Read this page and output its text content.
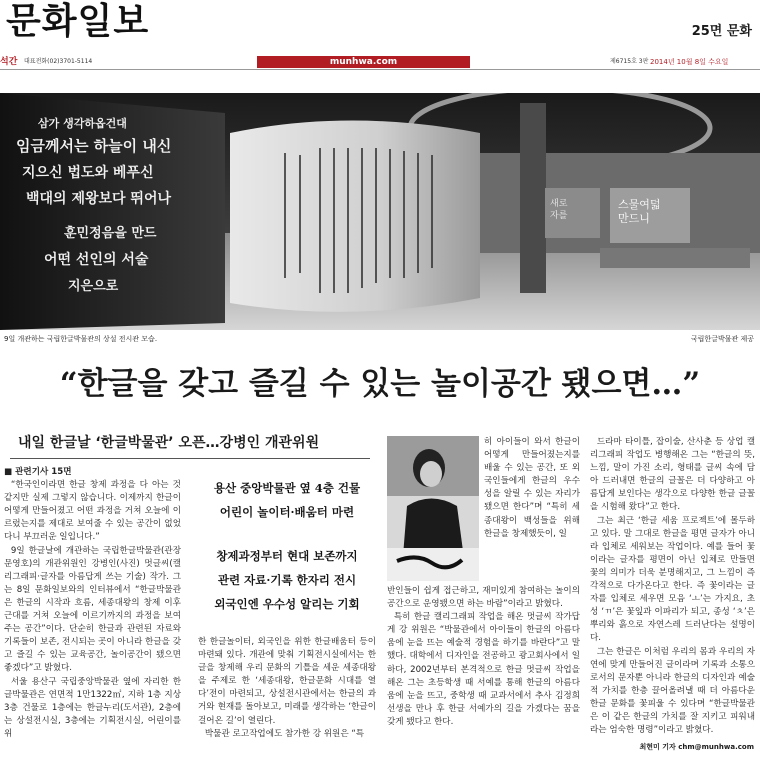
문화일보	25면 문화
석간 대표전화(02)3701-5114	munhwa.com	제6715호 3판 2014년 10월 8일 수요일
삼가 생각하옵건대
임금께서는 하늘이 내신
지으신 법도와 베푸신
백대의 제왕보다 뛰어나
훈민정음을 만드
어떤 선인의 서술
지은으로
새로
자를
스물여덟
만드니
9일 개관하는 국립한글박물관의 상설 전시관 모습.	국립한글박물관 제공
“한글을 갖고 즐길 수 있는 놀이공간 됐으면…”
내일 한글날 ‘한글박물관’ 오픈…강병인 개관위원

■ 관련기사 15면

“한국인이라면 한글 창제 과정을 다 아는 것 같지만 실제 그렇지 않습니다. 이제까지 한글이 어떻게 만들어졌고 어떤 과정을 거쳐 오늘에 이르렀는지를 제대로 보여줄 수 있는 공간이 없었다니 부끄러운 일입니다.”

9일 한글날에 개관하는 국립한글박물관(관장 문영호)의 개관위원인 강병인(사진) 멋글씨(캘리그래피·글자를 아름답게 쓰는 기술) 작가. 그는 8일 문화일보와의 인터뷰에서 “한글박물관은 한글의 시작과 흐름, 세종대왕의 창제 이후 근대를 거쳐 오늘에 이르기까지의 과정을 보여주는 공간”이다. 단순히 한글과 관련된 자료와 기록들이 보존, 전시되는 곳이 아니라 한글을 갖고 즐길 수 있는 교육공간, 놀이공간이 됐으면 좋겠다”고 밝혔다.

서울 용산구 국립중앙박물관 옆에 자리한 한글박물관은 연면적 1만1322㎡, 지하 1층 지상 3층 건물로 1층에는 한글누리(도서관), 2층에는 상설전시실, 3층에는 기획전시실, 어린이를 위

용산 중앙박물관 옆 4층 건물
어린이 놀이터·배움터 마련
창제과정부터 현대 보존까지
관련 자료·기록 한자리 전시
외국인엔 우수성 알리는 기회

한 한글놀이터, 외국인을 위한 한글배움터 등이 마련돼 있다. 개관에 맞춰 기획전시실에서는 한글을 창제해 우리 문화의 기틀을 세운 세종대왕을 주제로 한 ‘세종대왕, 한글문화 시대를 열다’전이 마련되고, 상설전시관에서는 한글의 과거와 현재를 돌아보고, 미래를 생각하는 ‘한글이 걸어온 길’이 열린다.

박물관 로고작업에도 참가한 강 위원은 “특

히 아이들이 와서 한글이 어떻게 만들어졌는지를 배울 수 있는 공간, 또 외국인들에게 한글의 우수성을 알릴 수 있는 자리가 됐으면 한다”며 “특히 세종대왕이 백성들을 위해 한글을 창제했듯이, 일

반인들이 쉽게 접근하고, 재미있게 참여하는 놀이의 공간으로 운영됐으면 하는 바람”이라고 밝혔다.

특히 한글 캘리그래피 작업을 해온 멋글씨 작가답게 강 위원은 “박물관에서 아이들이 한글의 아름다움에 눈을 뜨는 예술적 경험을 하기를 바란다”고 말했다. 대학에서 디자인을 전공하고 광고회사에서 일하다, 2002년부터 본격적으로 한글 멋글씨 작업을 해온 그는 초등학생 때 서예를 통해 한글의 아름다움에 눈을 뜨고, 중학생 때 교과서에서 추사 김정희 선생을 만나 후 한글 서예가의 길을 가겠다는 꿈을 갖게 됐다고 한다.

드라마 타이틀, 잡이술, 산사춘 등 상업 캘리그래피 작업도 병행해온 그는 “한글의 뜻, 느낌, 말이 가진 소리, 형태를 글씨 속에 담아 드러내면 한글의 글꼴은 더 다양하고 아름답게 보인다는 생각으로 다양한 한글 글꼴을 시험해 왔다”고 한다.

그는 최근 ‘한글 세움 프로젝트’에 몰두하고 있다. 말 그대로 한글을 평면 글자가 아니라 입체로 세워보는 작업이다. 예를 들어 꽃이라는 글자를 평면이 아닌 입체로 만들면 꽃의 의미가 더욱 분명해지고, 그 느낌이 즉각적으로 다가온다고 한다. 즉 꽃이라는 글자를 입체로 세우면 모음 ‘ㅗ’는 가지요, 초성 ‘ㄲ’은 꽃잎과 이파리가 되고, 종성 ‘ㅊ’은 뿌리와 흙으로 자연스레 드러난다는 설명이다.

그는 한글은 이처럼 우리의 몸과 우리의 자연에 맞게 만들어진 글이라며 기록과 소통으로서의 문자뿐 아니라 한글의 디자인과 예술적 가치를 한층 끌어올려낼 때 더 아름다운 한글 문화를 꽃피울 수 있다며 “한글박물관은 이 같은 한글의 가치를 잘 지키고 피워내라는 엄숙한 명령”이라고 밝혔다.

최현미 기자 chm@munhwa.com
